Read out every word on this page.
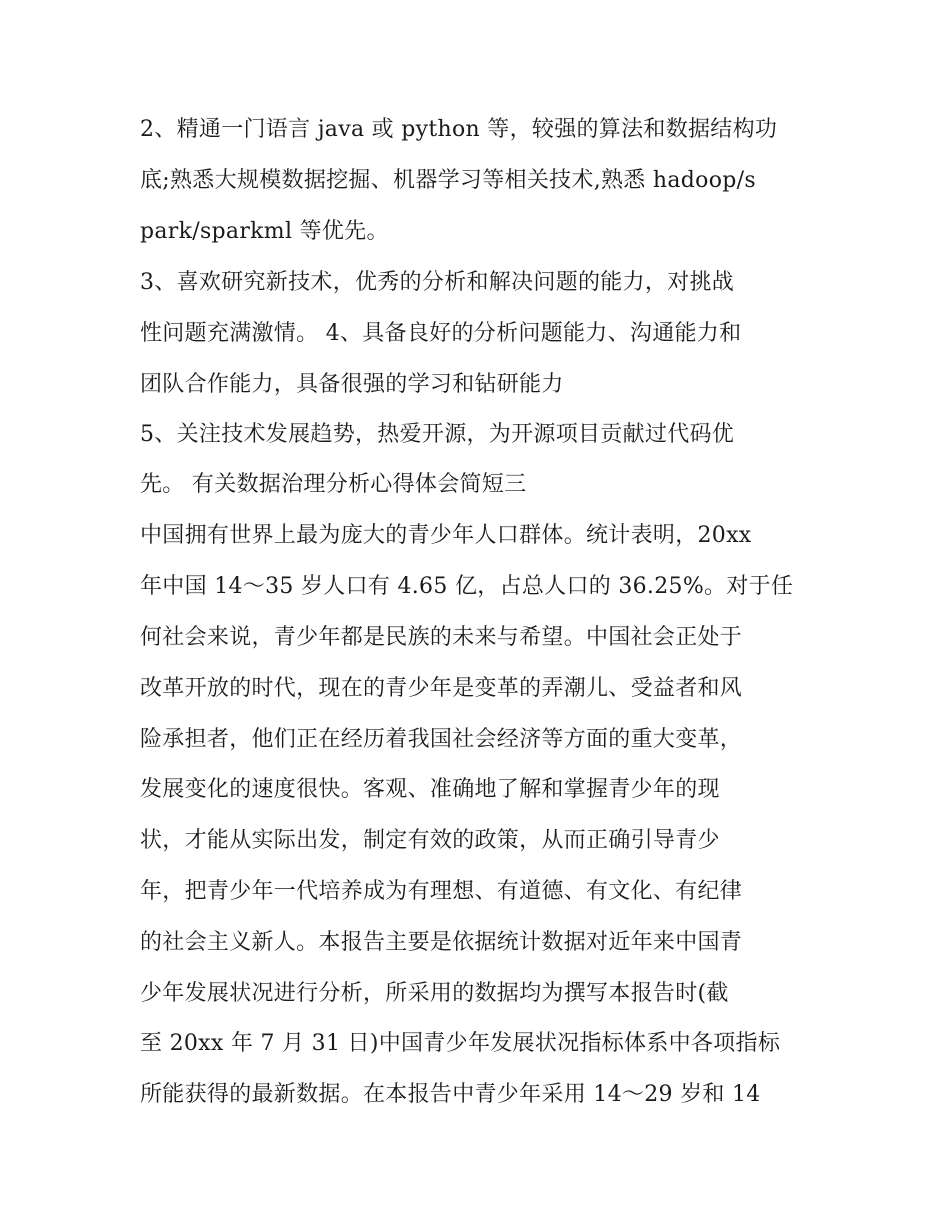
2、精通一门语言 java 或 python 等，较强的算法和数据结构功
底;熟悉大规模数据挖掘、机器学习等相关技术,熟悉 hadoop/s
park/sparkml 等优先。
3、喜欢研究新技术，优秀的分析和解决问题的能力，对挑战
性问题充满激情。 4、具备良好的分析问题能力、沟通能力和
团队合作能力，具备很强的学习和钻研能力
5、关注技术发展趋势，热爱开源，为开源项目贡献过代码优
先。 有关数据治理分析心得体会简短三
中国拥有世界上最为庞大的青少年人口群体。统计表明，20xx
年中国 14～35 岁人口有 4.65 亿，占总人口的 36.25%。对于任
何社会来说，青少年都是民族的未来与希望。中国社会正处于
改革开放的时代，现在的青少年是变革的弄潮儿、受益者和风
险承担者，他们正在经历着我国社会经济等方面的重大变革，
发展变化的速度很快。客观、准确地了解和掌握青少年的现
状，才能从实际出发，制定有效的政策，从而正确引导青少
年，把青少年一代培养成为有理想、有道德、有文化、有纪律
的社会主义新人。本报告主要是依据统计数据对近年来中国青
少年发展状况进行分析，所采用的数据均为撰写本报告时(截
至 20xx 年 7 月 31 日)中国青少年发展状况指标体系中各项指标
所能获得的最新数据。在本报告中青少年采用 14～29 岁和 14
